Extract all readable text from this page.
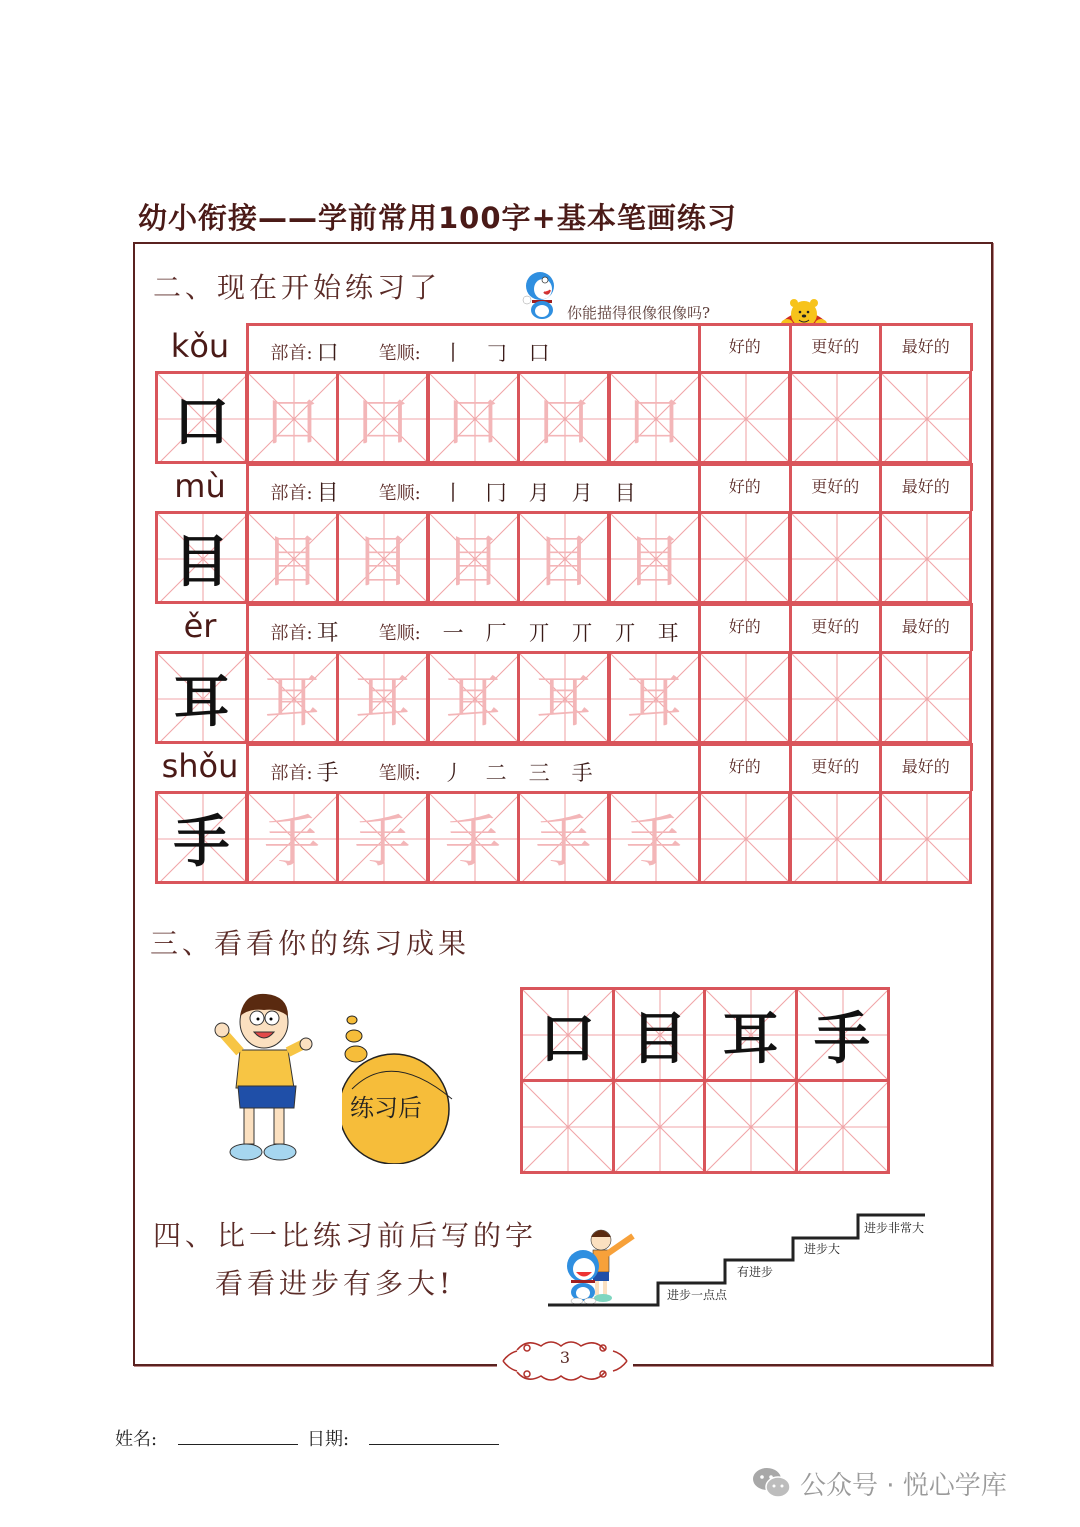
幼小衔接——学前常用100字+基本笔画练习
二、现在开始练习了
你能描得很像很像吗?
kǒu	部首: 口 笔顺:	丨 𠃌 口	好的	更好的	最好的
口 口 口 口 口 口
mù	部首: 目 笔顺:	丨 冂 月 月 目	好的	更好的	最好的
目 目 目 目 目 目
ěr	部首: 耳 笔顺:	一 厂 丌 丌 丌 耳	好的	更好的	最好的
耳 耳 耳 耳 耳 耳
shǒu	部首: 手 笔顺:	丿 二 三 手	好的	更好的	最好的
手 手 手 手 手 手
三、看看你的练习成果
练习后
口 目 耳 手
四、比一比练习前后写的字
看看进步有多大!	进步一点点
有进步
进步大
进步非常大
3
姓名:	日期:
公众号 · 悦心学库
